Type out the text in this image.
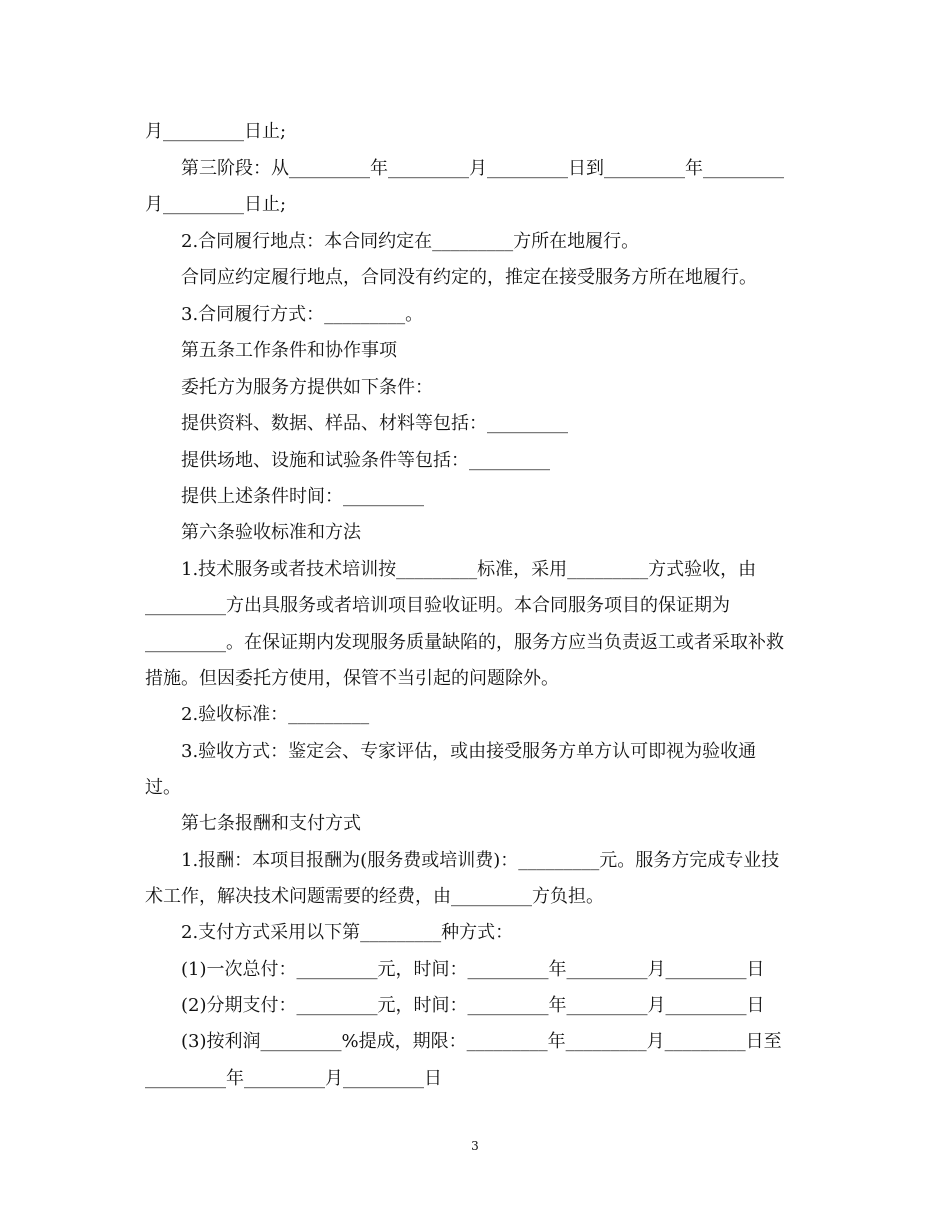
月_________日止;
第三阶段：从_________年_________月_________日到_________年_________
月_________日止;
2.合同履行地点：本合同约定在_________方所在地履行。
合同应约定履行地点，合同没有约定的，推定在接受服务方所在地履行。
3.合同履行方式：_________。
第五条工作条件和协作事项
委托方为服务方提供如下条件：
提供资料、数据、样品、材料等包括：_________
提供场地、设施和试验条件等包括：_________
提供上述条件时间：_________
第六条验收标准和方法
1.技术服务或者技术培训按_________标准，采用_________方式验收，由
_________方出具服务或者培训项目验收证明。本合同服务项目的保证期为
_________。在保证期内发现服务质量缺陷的，服务方应当负责返工或者采取补救
措施。但因委托方使用，保管不当引起的问题除外。
2.验收标准：_________
3.验收方式：鉴定会、专家评估，或由接受服务方单方认可即视为验收通
过。
第七条报酬和支付方式
1.报酬：本项目报酬为(服务费或培训费)：_________元。服务方完成专业技
术工作，解决技术问题需要的经费，由_________方负担。
2.支付方式采用以下第_________种方式：
(1)一次总付：_________元，时间：_________年_________月_________日
(2)分期支付：_________元，时间：_________年_________月_________日
(3)按利润_________%提成，期限：_________年_________月_________日至
_________年_________月_________日
3
